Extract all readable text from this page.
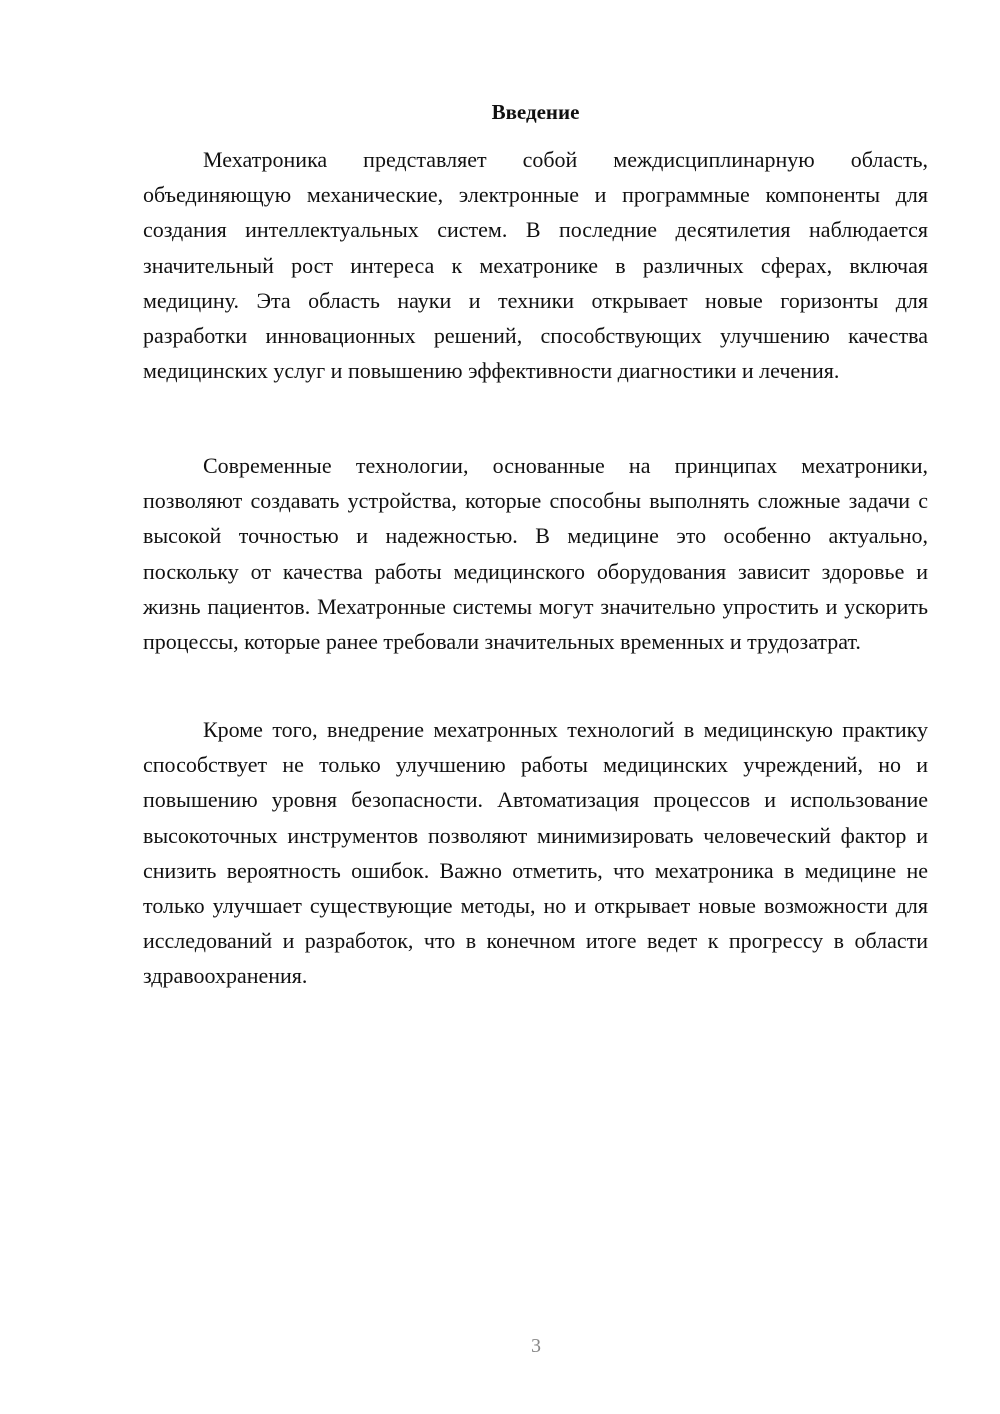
Введение

Мехатроника представляет собой междисциплинарную область, объединяющую механические, электронные и программные компоненты для создания интеллектуальных систем. В последние десятилетия наблюдается значительный рост интереса к мехатронике в различных сферах, включая медицину. Эта область науки и техники открывает новые горизонты для разработки инновационных решений, способствующих улучшению качества медицинских услуг и повышению эффективности диагностики и лечения.

Современные технологии, основанные на принципах мехатроники, позволяют создавать устройства, которые способны выполнять сложные задачи с высокой точностью и надежностью. В медицине это особенно актуально, поскольку от качества работы медицинского оборудования зависит здоровье и жизнь пациентов. Мехатронные системы могут значительно упростить и ускорить процессы, которые ранее требовали значительных временных и трудозатрат.

Кроме того, внедрение мехатронных технологий в медицинскую практику способствует не только улучшению работы медицинских учреждений, но и повышению уровня безопасности. Автоматизация процессов и использование высокоточных инструментов позволяют минимизировать человеческий фактор и снизить вероятность ошибок. Важно отметить, что мехатроника в медицине не только улучшает существующие методы, но и открывает новые возможности для исследований и разработок, что в конечном итоге ведет к прогрессу в области здравоохранения.

3
